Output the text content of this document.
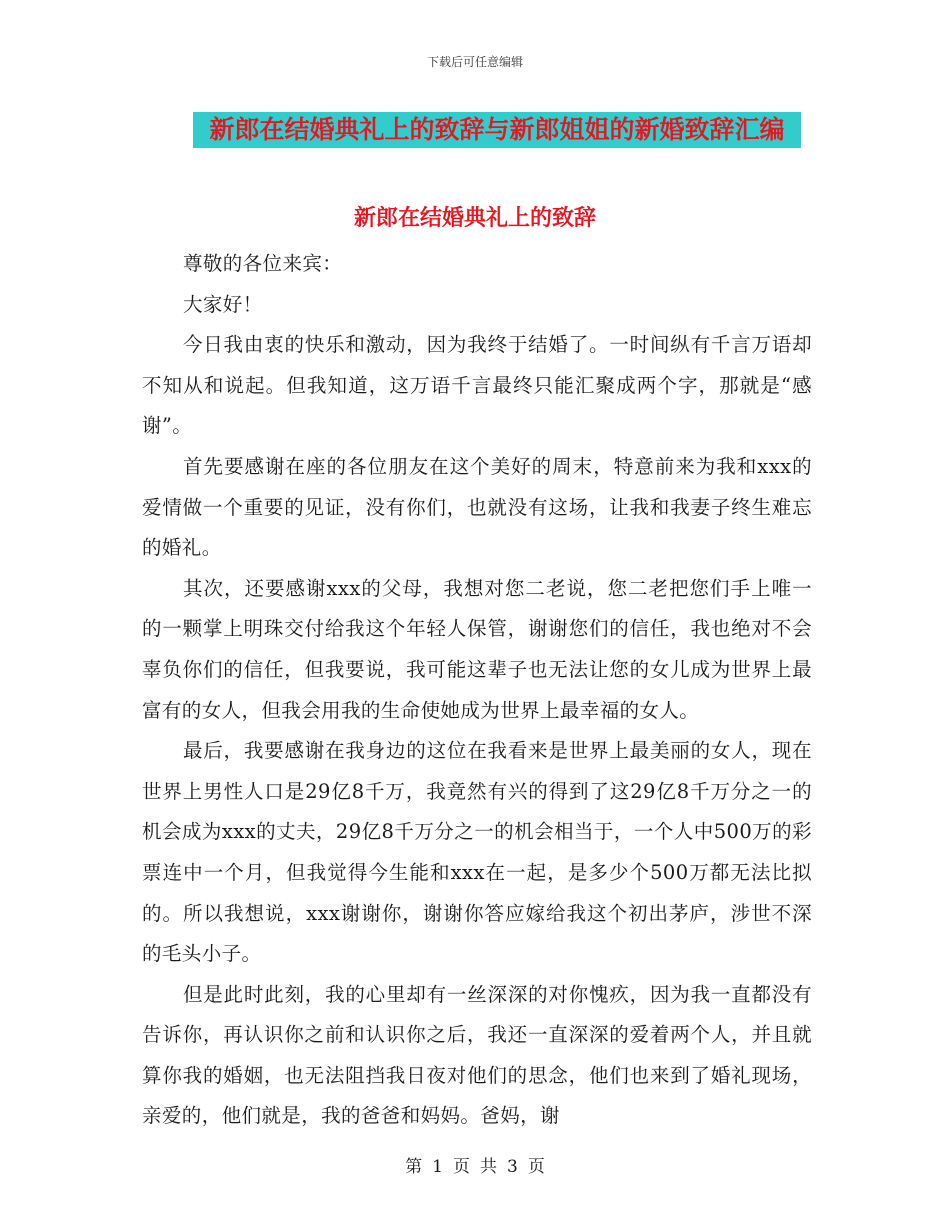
下载后可任意编辑
新郎在结婚典礼上的致辞与新郎姐姐的新婚致辞汇编
新郎在结婚典礼上的致辞

尊敬的各位来宾：

大家好！

今日我由衷的快乐和激动，因为我终于结婚了。一时间纵有千言万语却不知从和说起。但我知道，这万语千言最终只能汇聚成两个字，那就是“感谢”。

首先要感谢在座的各位朋友在这个美好的周末，特意前来为我和xxx的爱情做一个重要的见证，没有你们，也就没有这场，让我和我妻子终生难忘的婚礼。

其次，还要感谢xxx的父母，我想对您二老说，您二老把您们手上唯一的一颗掌上明珠交付给我这个年轻人保管，谢谢您们的信任，我也绝对不会辜负你们的信任，但我要说，我可能这辈子也无法让您的女儿成为世界上最富有的女人，但我会用我的生命使她成为世界上最幸福的女人。

最后，我要感谢在我身边的这位在我看来是世界上最美丽的女人，现在世界上男性人口是29亿8千万，我竟然有兴的得到了这29亿8千万分之一的机会成为xxx的丈夫，29亿8千万分之一的机会相当于，一个人中500万的彩票连中一个月，但我觉得今生能和xxx在一起，是多少个500万都无法比拟的。所以我想说，xxx谢谢你，谢谢你答应嫁给我这个初出茅庐，涉世不深的毛头小子。

但是此时此刻，我的心里却有一丝深深的对你愧疚，因为我一直都没有告诉你，再认识你之前和认识你之后，我还一直深深的爱着两个人，并且就算你我的婚姻，也无法阻挡我日夜对他们的思念，他们也来到了婚礼现场，亲爱的，他们就是，我的爸爸和妈妈。爸妈，谢

第 1 页 共 3 页
